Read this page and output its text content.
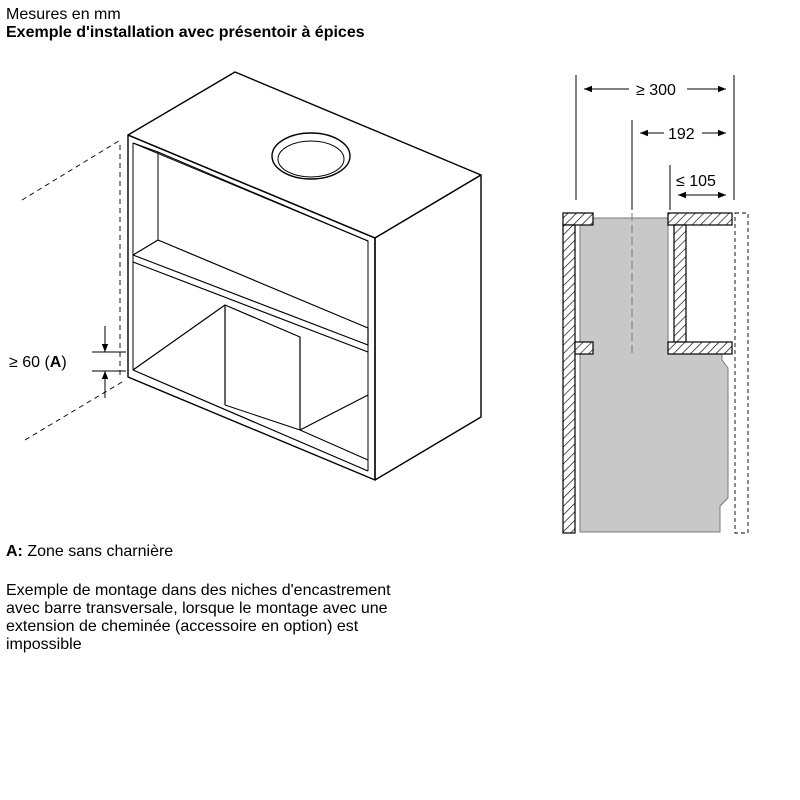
Mesures en mm
Exemple d'installation avec présentoir à épices
≥ 60 (A)
≥ 300
192
≤ 105
A: Zone sans charnière
Exemple de montage dans des niches d'encastrement
avec barre transversale, lorsque le montage avec une
extension de cheminée (accessoire en option) est
impossible
